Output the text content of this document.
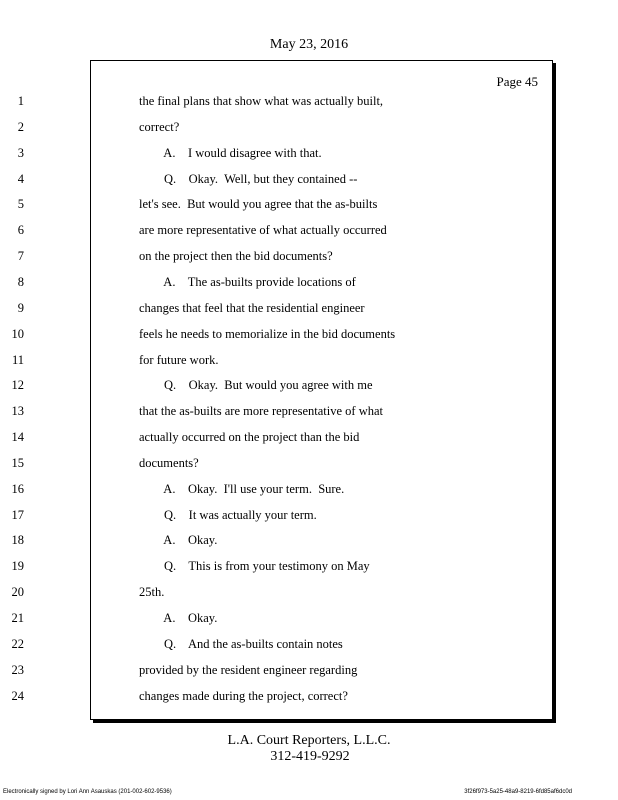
May 23, 2016
Page 45
1	the final plans that show what was actually built,
2	correct?
3	A.    I would disagree with that.
4	Q.    Okay.  Well, but they contained --
5	let's see.  But would you agree that the as-builts
6	are more representative of what actually occurred
7	on the project then the bid documents?
8	A.    The as-builts provide locations of
9	changes that feel that the residential engineer
10	feels he needs to memorialize in the bid documents
11	for future work.
12	Q.    Okay.  But would you agree with me
13	that the as-builts are more representative of what
14	actually occurred on the project than the bid
15	documents?
16	A.    Okay.  I'll use your term.  Sure.
17	Q.    It was actually your term.
18	A.    Okay.
19	Q.    This is from your testimony on May
20	25th.
21	A.    Okay.
22	Q.    And the as-builts contain notes
23	provided by the resident engineer regarding
24	changes made during the project, correct?
L.A. Court Reporters, L.L.C.
312-419-9292
Electronically signed by Lori Ann Asauskas (201-002-602-9536)	3f26f973-5a25-48a9-8219-6fd85af6dc0d
